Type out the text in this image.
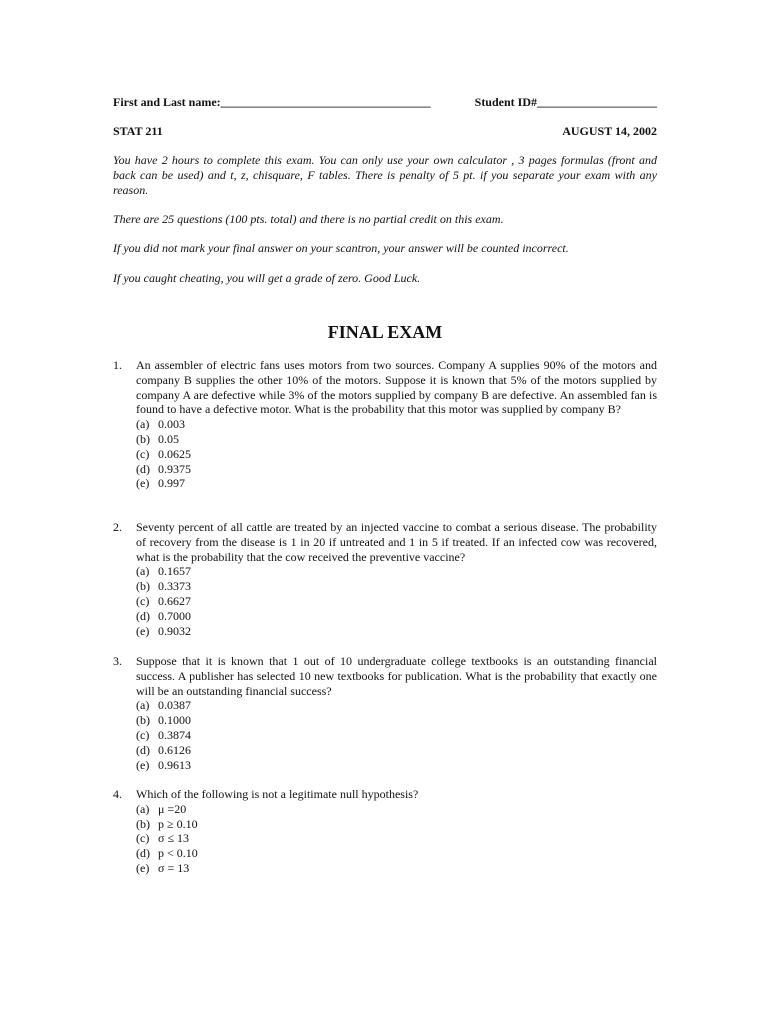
First and Last name:___________________________________	Student ID#____________________
STAT 211	AUGUST 14, 2002

You have 2 hours to complete this exam. You can only use your own calculator , 3 pages formulas (front and back can be used) and t, z, chisquare, F tables. There is penalty of 5 pt. if you separate your exam with any reason.

There are 25 questions (100 pts. total) and there is no partial credit on this exam.

If you did not mark your final answer on your scantron, your answer will be counted incorrect.

If you caught cheating, you will get a grade of zero. Good Luck.

FINAL EXAM
1.	An assembler of electric fans uses motors from two sources. Company A supplies 90% of the motors and company B supplies the other 10% of the motors. Suppose it is known that 5% of the motors supplied by company A are defective while 3% of the motors supplied by company B are defective. An assembled fan is found to have a defective motor. What is the probability that this motor was supplied by company B?
(a) 0.003
(b) 0.05
(c) 0.0625
(d) 0.9375
(e) 0.997
2.	Seventy percent of all cattle are treated by an injected vaccine to combat a serious disease. The probability of recovery from the disease is 1 in 20 if untreated and 1 in 5 if treated. If an infected cow was recovered, what is the probability that the cow received the preventive vaccine?
(a) 0.1657
(b) 0.3373
(c) 0.6627
(d) 0.7000
(e) 0.9032
3.	Suppose that it is known that 1 out of 10 undergraduate college textbooks is an outstanding financial success. A publisher has selected 10 new textbooks for publication. What is the probability that exactly one will be an outstanding financial success?
(a) 0.0387
(b) 0.1000
(c) 0.3874
(d) 0.6126
(e) 0.9613
4.	Which of the following is not a legitimate null hypothesis?
(a) μ =20
(b) p ≥ 0.10
(c) σ ≤ 13
(d) p < 0.10
(e) σ = 13
